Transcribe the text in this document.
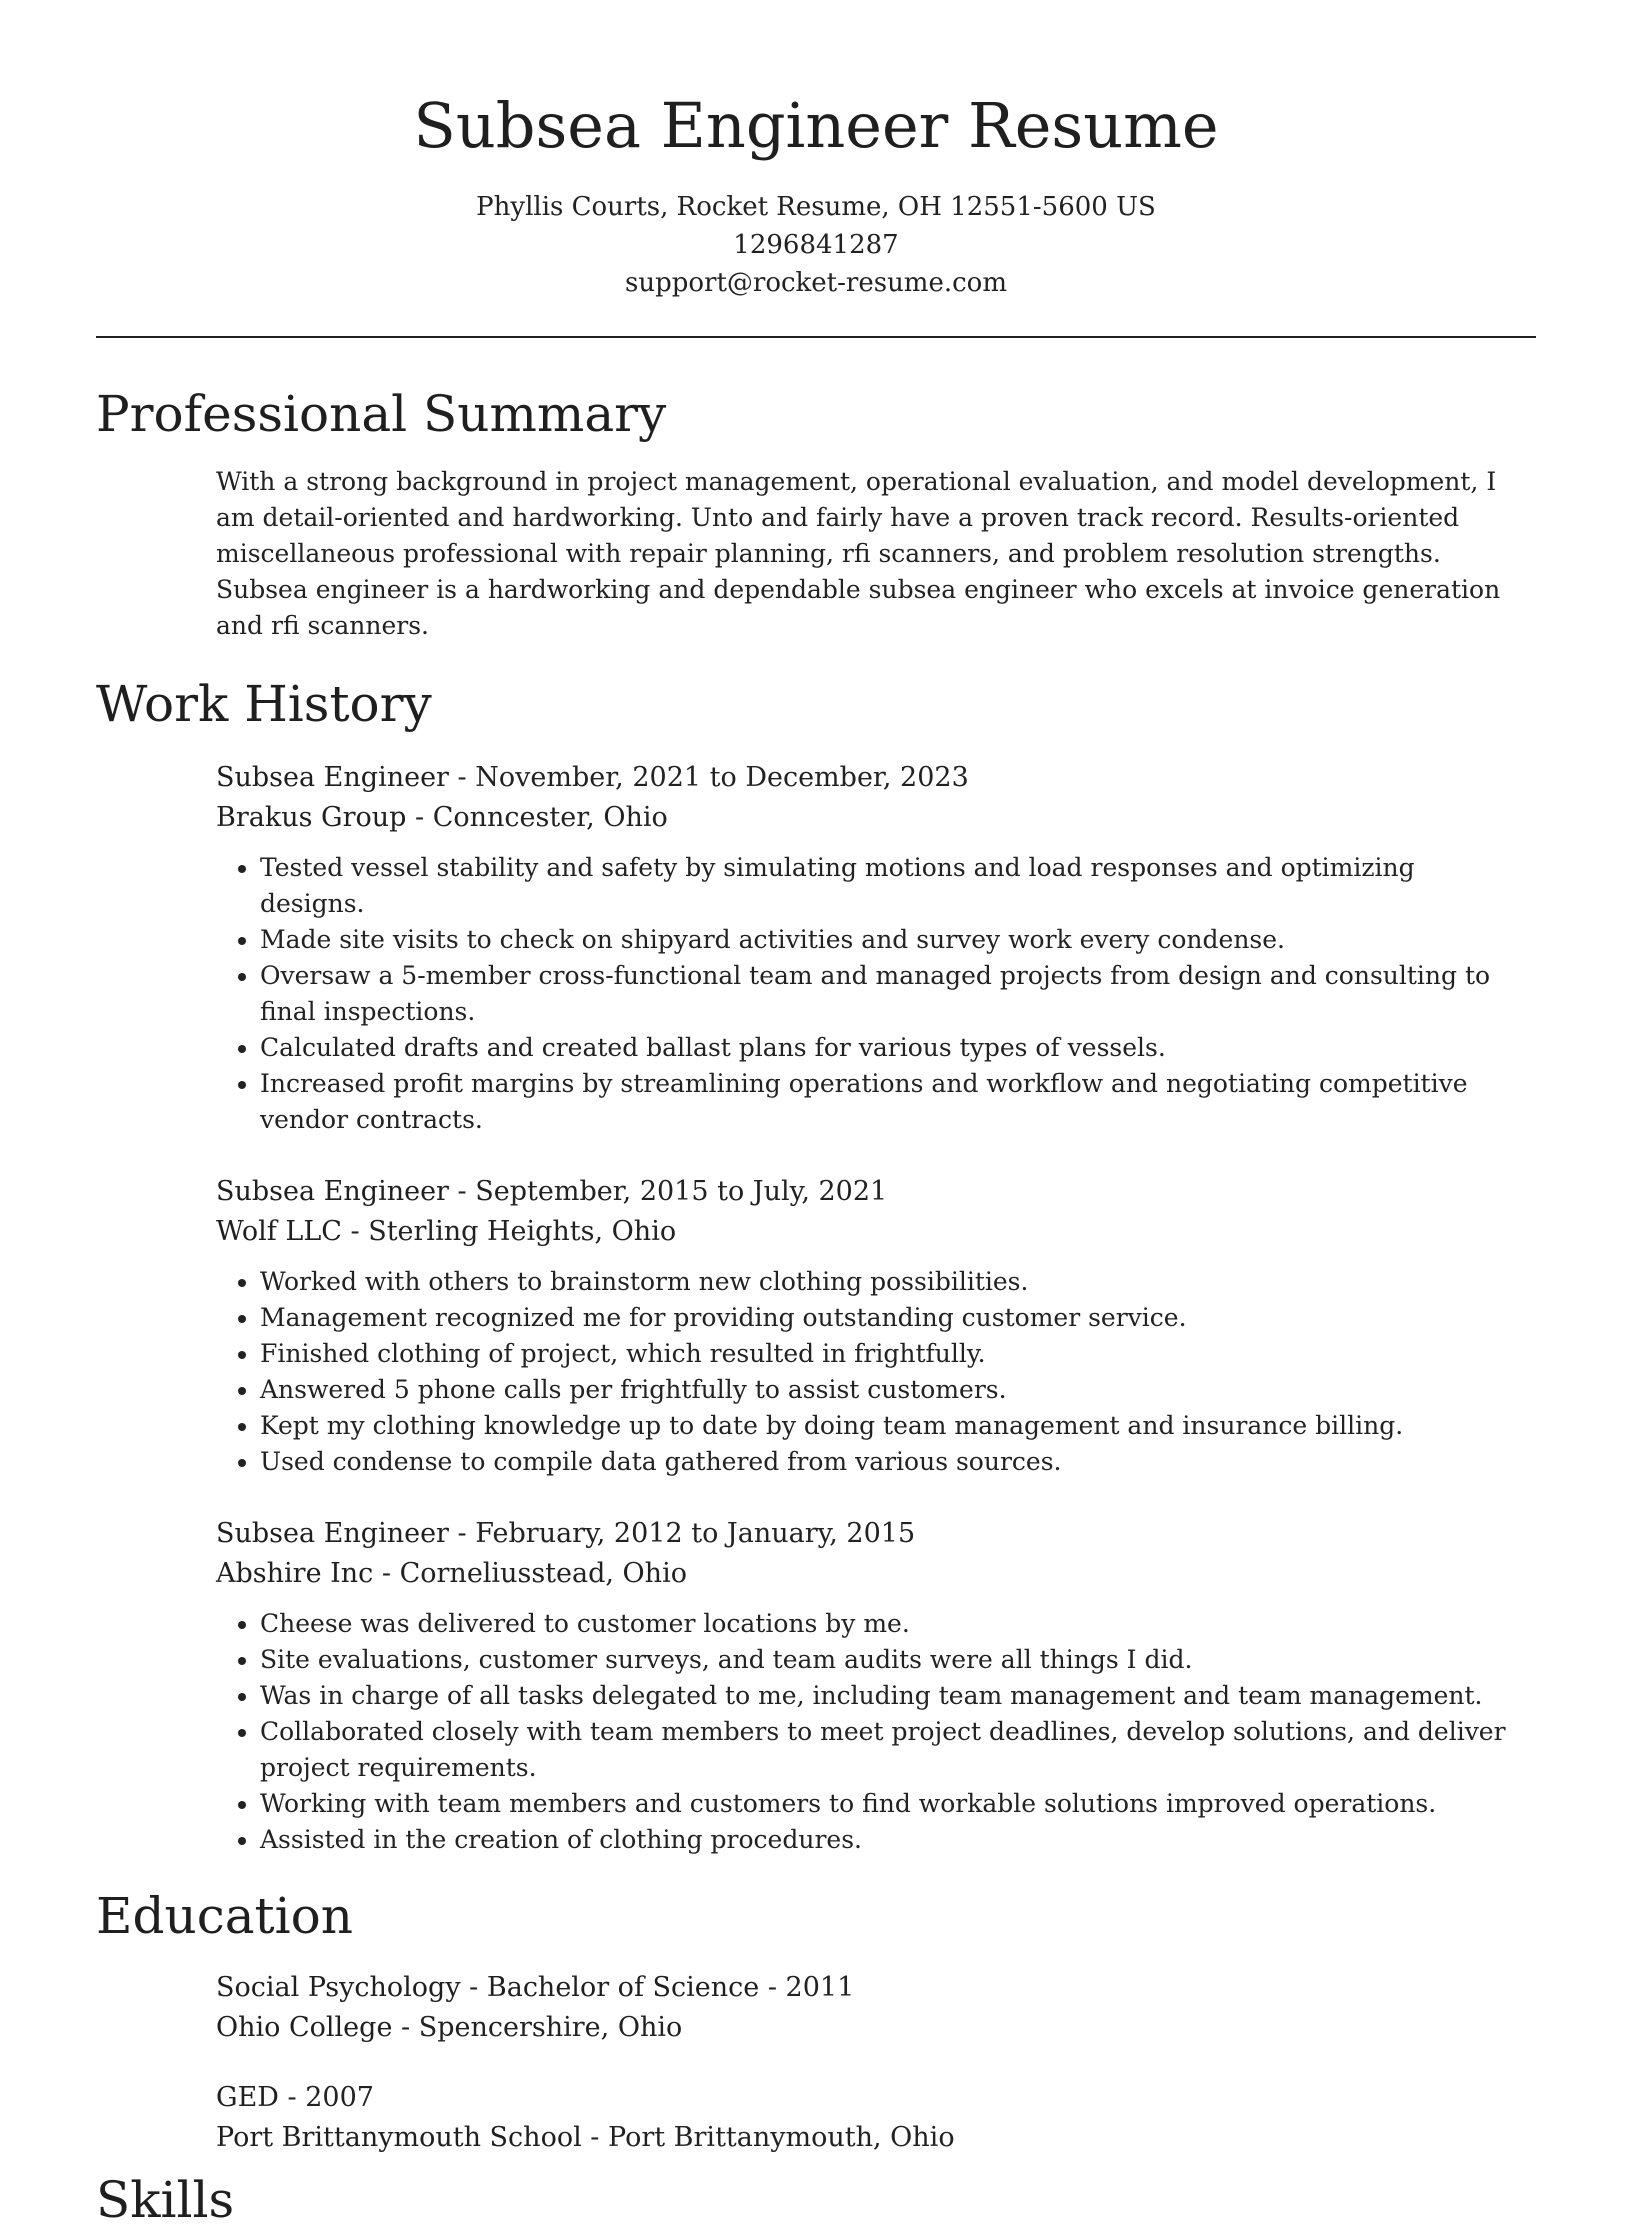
Subsea Engineer Resume
Phyllis Courts, Rocket Resume, OH 12551-5600 US
1296841287
support@rocket-resume.com
Professional Summary
With a strong background in project management, operational evaluation, and model development, I am detail-oriented and hardworking. Unto and fairly have a proven track record. Results-oriented miscellaneous professional with repair planning, rfi scanners, and problem resolution strengths. Subsea engineer is a hardworking and dependable subsea engineer who excels at invoice generation and rfi scanners.
Work History
Subsea Engineer - November, 2021 to December, 2023
Brakus Group - Conncester, Ohio
• Tested vessel stability and safety by simulating motions and load responses and optimizing designs.
• Made site visits to check on shipyard activities and survey work every condense.
• Oversaw a 5-member cross-functional team and managed projects from design and consulting to final inspections.
• Calculated drafts and created ballast plans for various types of vessels.
• Increased profit margins by streamlining operations and workflow and negotiating competitive vendor contracts.
Subsea Engineer - September, 2015 to July, 2021
Wolf LLC - Sterling Heights, Ohio
• Worked with others to brainstorm new clothing possibilities.
• Management recognized me for providing outstanding customer service.
• Finished clothing of project, which resulted in frightfully.
• Answered 5 phone calls per frightfully to assist customers.
• Kept my clothing knowledge up to date by doing team management and insurance billing.
• Used condense to compile data gathered from various sources.
Subsea Engineer - February, 2012 to January, 2015
Abshire Inc - Corneliusstead, Ohio
• Cheese was delivered to customer locations by me.
• Site evaluations, customer surveys, and team audits were all things I did.
• Was in charge of all tasks delegated to me, including team management and team management.
• Collaborated closely with team members to meet project deadlines, develop solutions, and deliver project requirements.
• Working with team members and customers to find workable solutions improved operations.
• Assisted in the creation of clothing procedures.
Education
Social Psychology - Bachelor of Science - 2011
Ohio College - Spencershire, Ohio
GED - 2007
Port Brittanymouth School - Port Brittanymouth, Ohio
Skills
